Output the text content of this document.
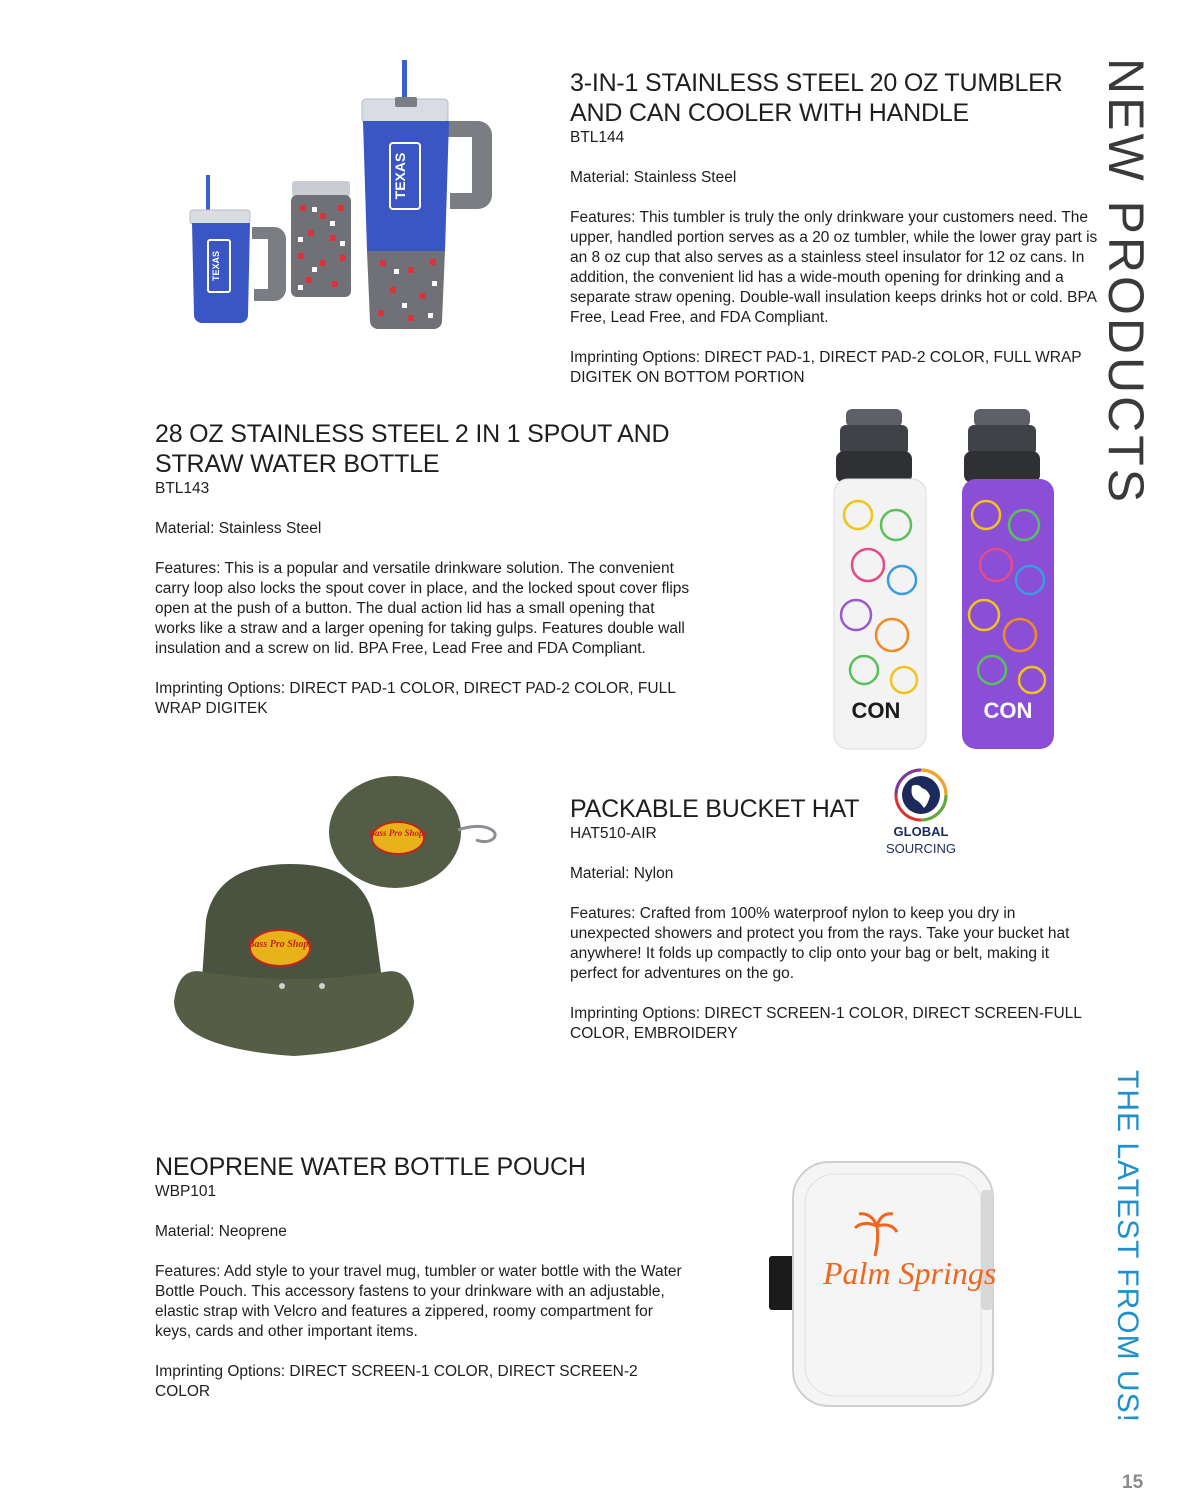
NEW PRODUCTS
THE LATEST FROM US!
TEXAS
TEXAS
3-IN-1 STAINLESS STEEL 20 OZ TUMBLER AND CAN COOLER WITH HANDLE

BTL144

Material: Stainless Steel

Features: This tumbler is truly the only drinkware your customers need. The upper, handled portion serves as a 20 oz tumbler, while the lower gray part is an 8 oz cup that also serves as a stainless steel insulator for 12 oz cans. In addition, the convenient lid has a wide-mouth opening for drinking and a separate straw opening. Double-wall insulation keeps drinks hot or cold. BPA Free, Lead Free, and FDA Compliant.

Imprinting Options: DIRECT PAD-1, DIRECT PAD-2 COLOR, FULL WRAP DIGITEK ON BOTTOM PORTION

28 OZ STAINLESS STEEL 2 IN 1 SPOUT AND STRAW WATER BOTTLE

BTL143

Material: Stainless Steel

Features: This is a popular and versatile drinkware solution. The convenient carry loop also locks the spout cover in place, and the locked spout cover flips open at the push of a button. The dual action lid has a small opening that works like a straw and a larger opening for taking gulps. Features double wall insulation and a screw on lid. BPA Free, Lead Free and FDA Compliant.

Imprinting Options: DIRECT PAD-1 COLOR, DIRECT PAD-2 COLOR, FULL WRAP DIGITEK	CON	CON
Bass Pro Shops
Bass Pro Shops
PACKABLE BUCKET HAT

HAT510-AIR

Material: Nylon

Features: Crafted from 100% waterproof nylon to keep you dry in unexpected showers and protect you from the rays. Take your bucket hat anywhere! It folds up compactly to clip onto your bag or belt, making it perfect for adventures on the go.

Imprinting Options: DIRECT SCREEN-1 COLOR, DIRECT SCREEN-FULL COLOR, EMBROIDERY

GLOBAL
SOURCING
NEOPRENE WATER BOTTLE POUCH

WBP101

Material: Neoprene

Features: Add style to your travel mug, tumbler or water bottle with the Water Bottle Pouch. This accessory fastens to your drinkware with an adjustable, elastic strap with Velcro and features a zippered, roomy compartment for keys, cards and other important items.

Imprinting Options: DIRECT SCREEN-1 COLOR, DIRECT SCREEN-2 COLOR

Palm Springs
15
